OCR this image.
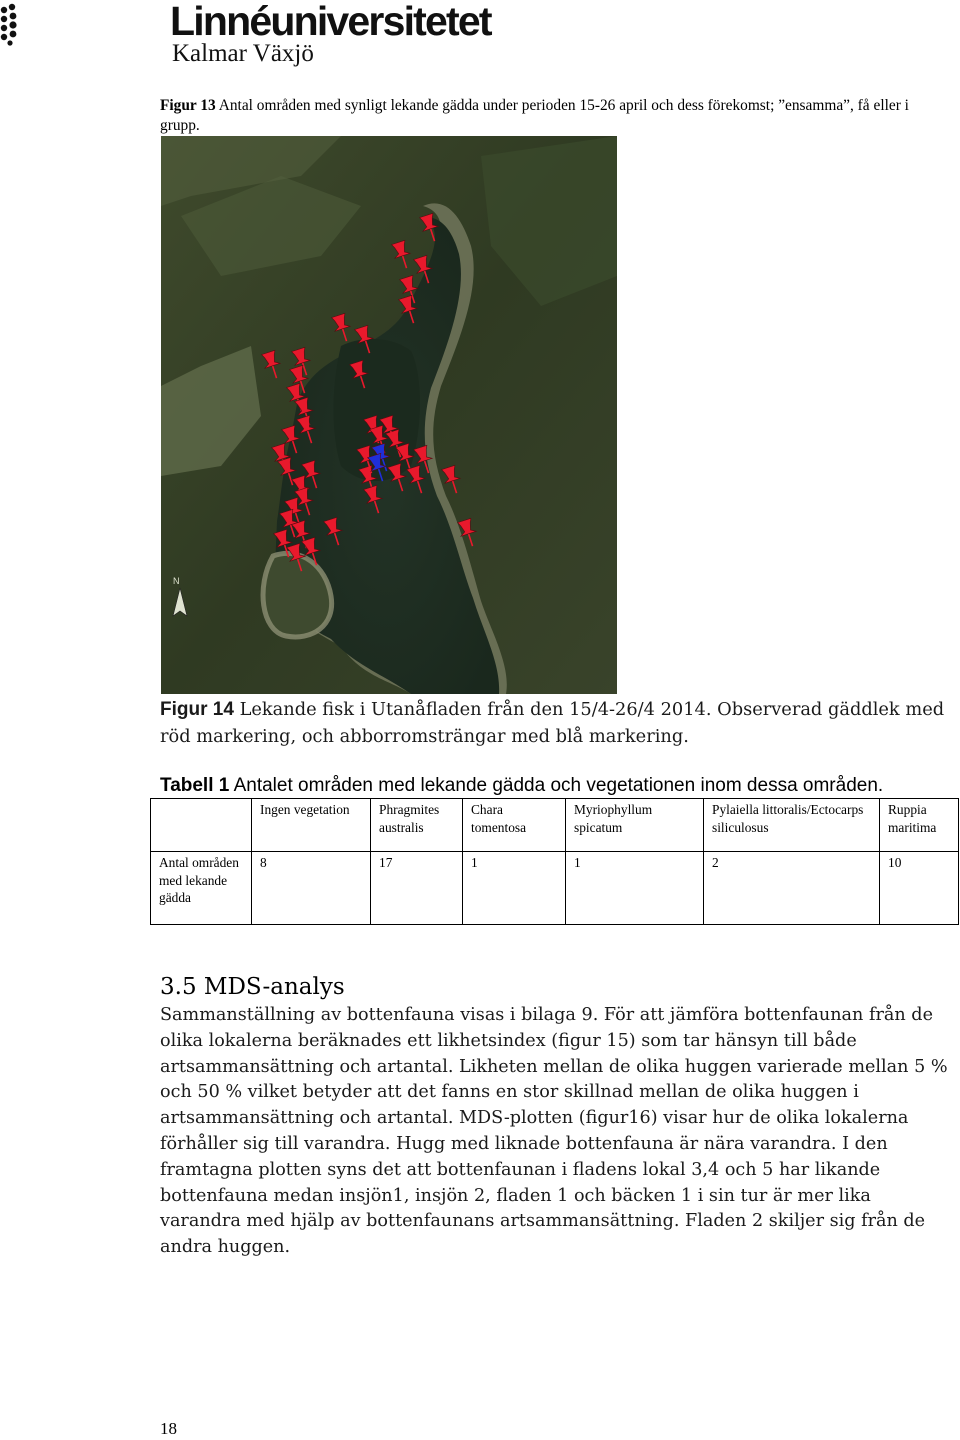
Linnéuniversitetet
Kalmar Växjö
Figur 13 Antal områden med synligt lekande gädda under perioden 15-26 april och dess förekomst; ”ensamma”, få eller i grupp.
N
Figur 14 Lekande fisk i Utanåfladen från den 15/4-26/4 2014. Observerad gäddlek med röd markering, och abborromsträngar med blå markering.
Tabell 1 Antalet områden med lekande gädda och vegetationen inom dessa områden.
	Ingen vegetation	Phragmites australis	Chara tomentosa	Myriophyllum spicatum	Pylaiella littoralis/Ectocarps siliculosus	Ruppia maritima
Antal områden med lekande gädda	8	17	1	1	2	10
3.5 MDS-analys
Sammanställning av bottenfauna visas i bilaga 9. För att jämföra bottenfaunan från de
olika lokalerna beräknades ett likhetsindex (figur 15) som tar hänsyn till både
artsammansättning och artantal. Likheten mellan de olika huggen varierade mellan 5 %
och 50 % vilket betyder att det fanns en stor skillnad mellan de olika huggen i
artsammansättning och artantal. MDS-plotten (figur16) visar hur de olika lokalerna
förhåller sig till varandra. Hugg med liknade bottenfauna är nära varandra. I den
framtagna plotten syns det att bottenfaunan i fladens lokal 3,4 och 5 har likande
bottenfauna medan insjön1, insjön 2, fladen 1 och bäcken 1 i sin tur är mer lika
varandra med hjälp av bottenfaunans artsammansättning. Fladen 2 skiljer sig från de
andra huggen.
18
